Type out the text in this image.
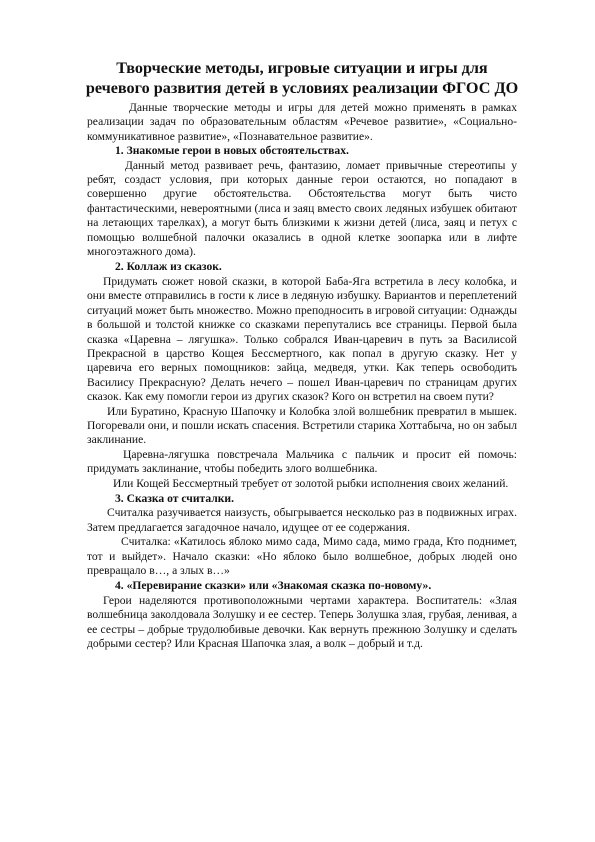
Творческие методы, игровые ситуации и игры для
речевого развития детей в условиях реализации ФГОС ДО

Данные творческие методы и игры для детей можно применять в рамках реализации задач по образовательным областям «Речевое развитие», «Социально-коммуникативное развитие», «Познавательное развитие».

1. Знакомые герои в новых обстоятельствах.

Данный метод развивает речь, фантазию, ломает привычные стереотипы у ребят, создаст условия, при которых данные герои остаются, но попадают в совершенно другие обстоятельства. Обстоятельства могут быть чисто фантастическими, невероятными (лиса и заяц вместо своих ледяных избушек обитают на летающих тарелках), а могут быть близкими к жизни детей (лиса, заяц и петух с помощью волшебной палочки оказались в одной клетке зоопарка или в лифте многоэтажного дома).

2. Коллаж из сказок.

Придумать сюжет новой сказки, в которой Баба-Яга встретила в лесу колобка, и они вместе отправились в гости к лисе в ледяную избушку. Вариантов и переплетений ситуаций может быть множество. Можно преподносить в игровой ситуации: Однажды в большой и толстой книжке со сказками перепутались все страницы. Первой была сказка «Царевна – лягушка». Только собрался Иван-царевич в путь за Василисой Прекрасной в царство Кощея Бессмертного, как попал в другую сказку. Нет у царевича его верных помощников: зайца, медведя, утки. Как теперь освободить Василису Прекрасную? Делать нечего – пошел Иван-царевич по страницам других сказок. Как ему помогли герои из других сказок? Кого он встретил на своем пути?

Или Буратино, Красную Шапочку и Колобка злой волшебник превратил в мышек. Погоревали они, и пошли искать спасения. Встретили старика Хоттабыча, но он забыл заклинание.

Царевна-лягушка повстречала Мальчика с пальчик и просит ей помочь: придумать заклинание, чтобы победить злого волшебника.

Или Кощей Бессмертный требует от золотой рыбки исполнения своих желаний.

3. Сказка от считалки.

Считалка разучивается наизусть, обыгрывается несколько раз в подвижных играх. Затем предлагается загадочное начало, идущее от ее содержания.

Считалка: «Катилось яблоко мимо сада, Мимо сада, мимо града, Кто поднимет, тот и выйдет». Начало сказки: «Но яблоко было волшебное, добрых людей оно превращало в…, а злых в…»

4. «Перевирание сказки» или «Знакомая сказка по-новому».

Герои наделяются противоположными чертами характера. Воспитатель: «Злая волшебница заколдовала Золушку и ее сестер. Теперь Золушка злая, грубая, ленивая, а ее сестры – добрые трудолюбивые девочки. Как вернуть прежнюю Золушку и сделать добрыми сестер? Или Красная Шапочка злая, а волк – добрый и т.д.
